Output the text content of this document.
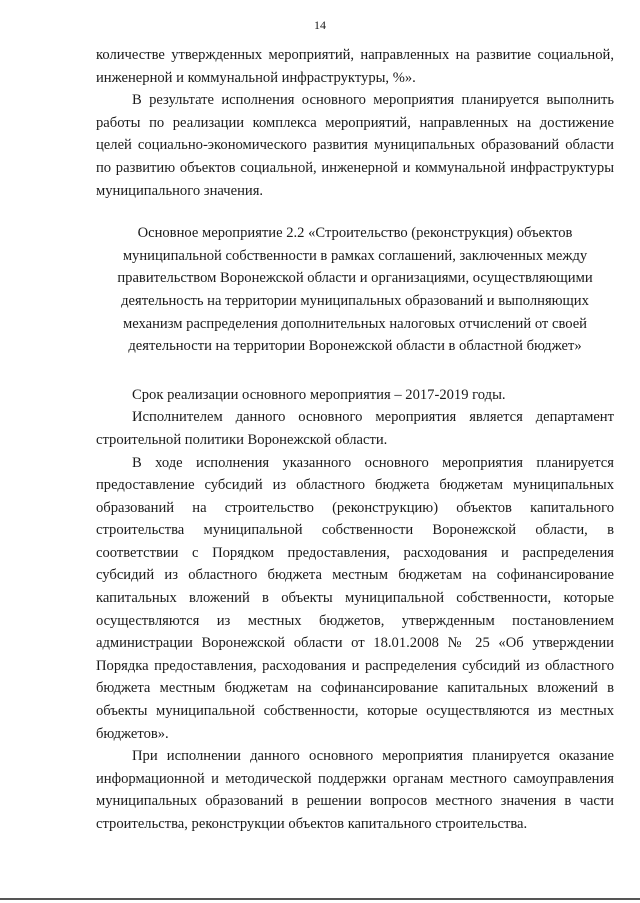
14

количестве утвержденных мероприятий, направленных на развитие социальной, инженерной и коммунальной инфраструктуры, %».

В результате исполнения основного мероприятия планируется выполнить работы по реализации комплекса мероприятий, направленных на достижение целей социально-экономического развития муниципальных образований области по развитию объектов социальной, инженерной и коммунальной инфраструктуры муниципального значения.

Основное мероприятие 2.2 «Строительство (реконструкция) объектов муниципальной собственности в рамках соглашений, заключенных между правительством Воронежской области и организациями, осуществляющими деятельность на территории муниципальных образований и выполняющих механизм распределения дополнительных налоговых отчислений от своей деятельности на территории Воронежской области в областной бюджет»

Срок реализации основного мероприятия – 2017-2019 годы.

Исполнителем данного основного мероприятия является департамент строительной политики Воронежской области.

В ходе исполнения указанного основного мероприятия планируется предоставление субсидий из областного бюджета бюджетам муниципальных образований на строительство (реконструкцию) объектов капитального строительства муниципальной собственности Воронежской области, в соответствии с Порядком предоставления, расходования и распределения субсидий из областного бюджета местным бюджетам на софинансирование капитальных вложений в объекты муниципальной собственности, которые осуществляются из местных бюджетов, утвержденным постановлением администрации Воронежской области от 18.01.2008 № 25 «Об утверждении Порядка предоставления, расходования и распределения субсидий из областного бюджета местным бюджетам на софинансирование капитальных вложений в объекты муниципальной собственности, которые осуществляются из местных бюджетов».

При исполнении данного основного мероприятия планируется оказание информационной и методической поддержки органам местного самоуправления муниципальных образований в решении вопросов местного значения в части строительства, реконструкции объектов капитального строительства.
